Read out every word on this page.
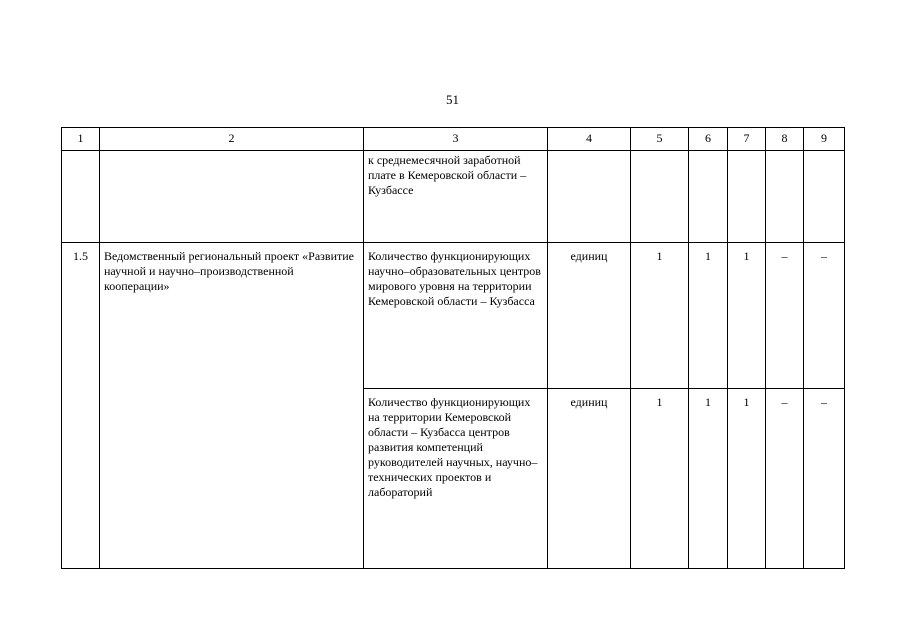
51
1	2	3	4	5	6	7	8	9
		к среднемесячной заработной плате в Кемеровской области – Кузбассе						
1.5	Ведомственный региональный проект «Развитие научной и научно–производственной кооперации»	Количество функционирующих научно–образовательных центров мирового уровня на территории Кемеровской области – Кузбасса	единиц	1	1	1	–	–
		Количество функционирующих на территории Кемеровской области – Кузбасса центров развития компетенций руководителей научных, научно–технических проектов и лабораторий	единиц	1	1	1	–	–
